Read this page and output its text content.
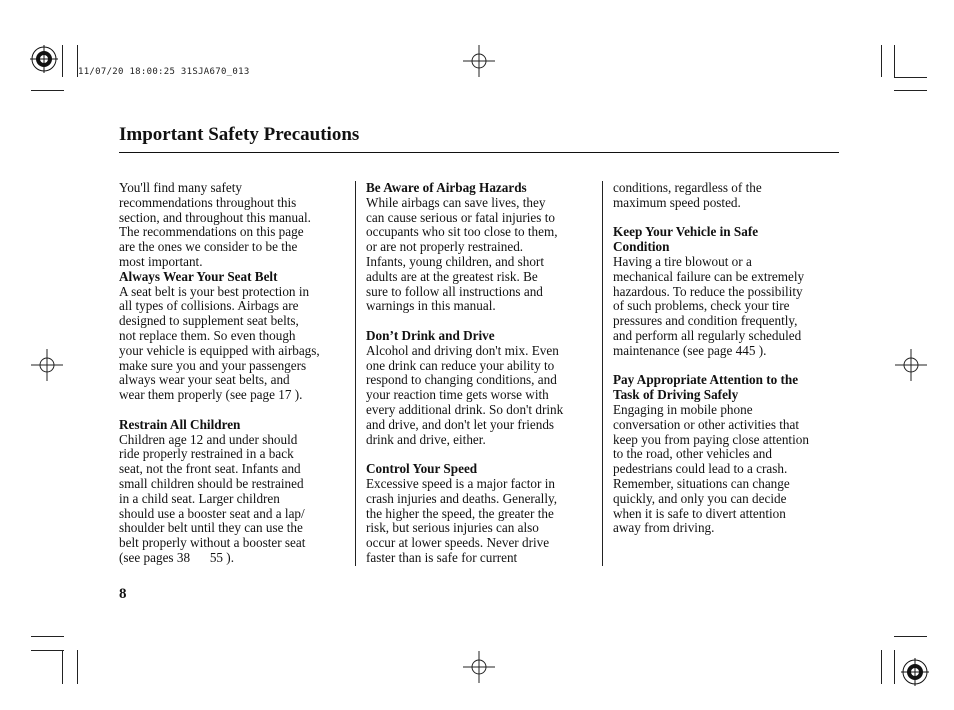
11/07/20 18:00:25 31SJA670_013
Important Safety Precautions

You'll find many safety

recommendations throughout this

section, and throughout this manual.

The recommendations on this page

are the ones we consider to be the

most important.

Always Wear Your Seat Belt

A seat belt is your best protection in

all types of collisions. Airbags are

designed to supplement seat belts,

not replace them. So even though

your vehicle is equipped with airbags,

make sure you and your passengers

always wear your seat belts, and

wear them properly (see page 17 ).

Restrain All Children

Children age 12 and under should

ride properly restrained in a back

seat, not the front seat. Infants and

small children should be restrained

in a child seat. Larger children

should use a booster seat and a lap/

shoulder belt until they can use the

belt properly without a booster seat

(see pages 38      55 ).

Be Aware of Airbag Hazards

While airbags can save lives, they

can cause serious or fatal injuries to

occupants who sit too close to them,

or are not properly restrained.

Infants, young children, and short

adults are at the greatest risk. Be

sure to follow all instructions and

warnings in this manual.

Don’t Drink and Drive

Alcohol and driving don't mix. Even

one drink can reduce your ability to

respond to changing conditions, and

your reaction time gets worse with

every additional drink. So don't drink

and drive, and don't let your friends

drink and drive, either.

Control Your Speed

Excessive speed is a major factor in

crash injuries and deaths. Generally,

the higher the speed, the greater the

risk, but serious injuries can also

occur at lower speeds. Never drive

faster than is safe for current

conditions, regardless of the

maximum speed posted.

Keep Your Vehicle in Safe

Condition

Having a tire blowout or a

mechanical failure can be extremely

hazardous. To reduce the possibility

of such problems, check your tire

pressures and condition frequently,

and perform all regularly scheduled

maintenance (see page 445 ).

Pay Appropriate Attention to the

Task of Driving Safely

Engaging in mobile phone

conversation or other activities that

keep you from paying close attention

to the road, other vehicles and

pedestrians could lead to a crash.

Remember, situations can change

quickly, and only you can decide

when it is safe to divert attention

away from driving.

8
